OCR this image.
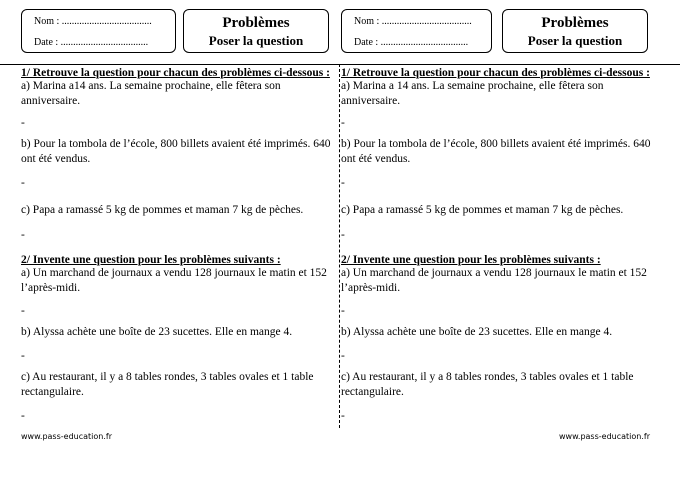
Nom : ....................................
Date : ...................................
Problèmes
Poser la question
Nom : ....................................
Date : ...................................
Problèmes
Poser la question
1/ Retrouve la question pour chacun des problèmes ci-dessous :
a) Marina a14 ans. La semaine prochaine, elle fêtera son anniversaire.
-
b) Pour la tombola de l’école, 800 billets avaient été imprimés. 640 ont été vendus.
-
c) Papa a ramassé 5 kg de pommes et maman 7 kg de pèches.
-
2/ Invente une question pour les problèmes suivants :
a) Un marchand de journaux a vendu 128 journaux le matin et 152 l’après-midi.
-
b) Alyssa achète une boîte de 23 sucettes. Elle en mange 4.
-
c) Au restaurant, il y a 8 tables rondes, 3 tables ovales et 1 table rectangulaire.
-
www.pass-education.fr
1/ Retrouve la question pour chacun des problèmes ci-dessous :
a) Marina a 14 ans. La semaine prochaine, elle fêtera son anniversaire.
-
b) Pour la tombola de l’école, 800 billets avaient été imprimés. 640 ont été vendus.
-
c) Papa a ramassé 5 kg de pommes et maman 7 kg de pèches.
-
2/ Invente une question pour les problèmes suivants :
a) Un marchand de journaux a vendu 128 journaux le matin et 152 l’après-midi.
-
b) Alyssa achète une boîte de 23 sucettes. Elle en mange 4.
-
c) Au restaurant, il y a 8 tables rondes, 3 tables ovales et 1 table rectangulaire.
-
www.pass-education.fr
